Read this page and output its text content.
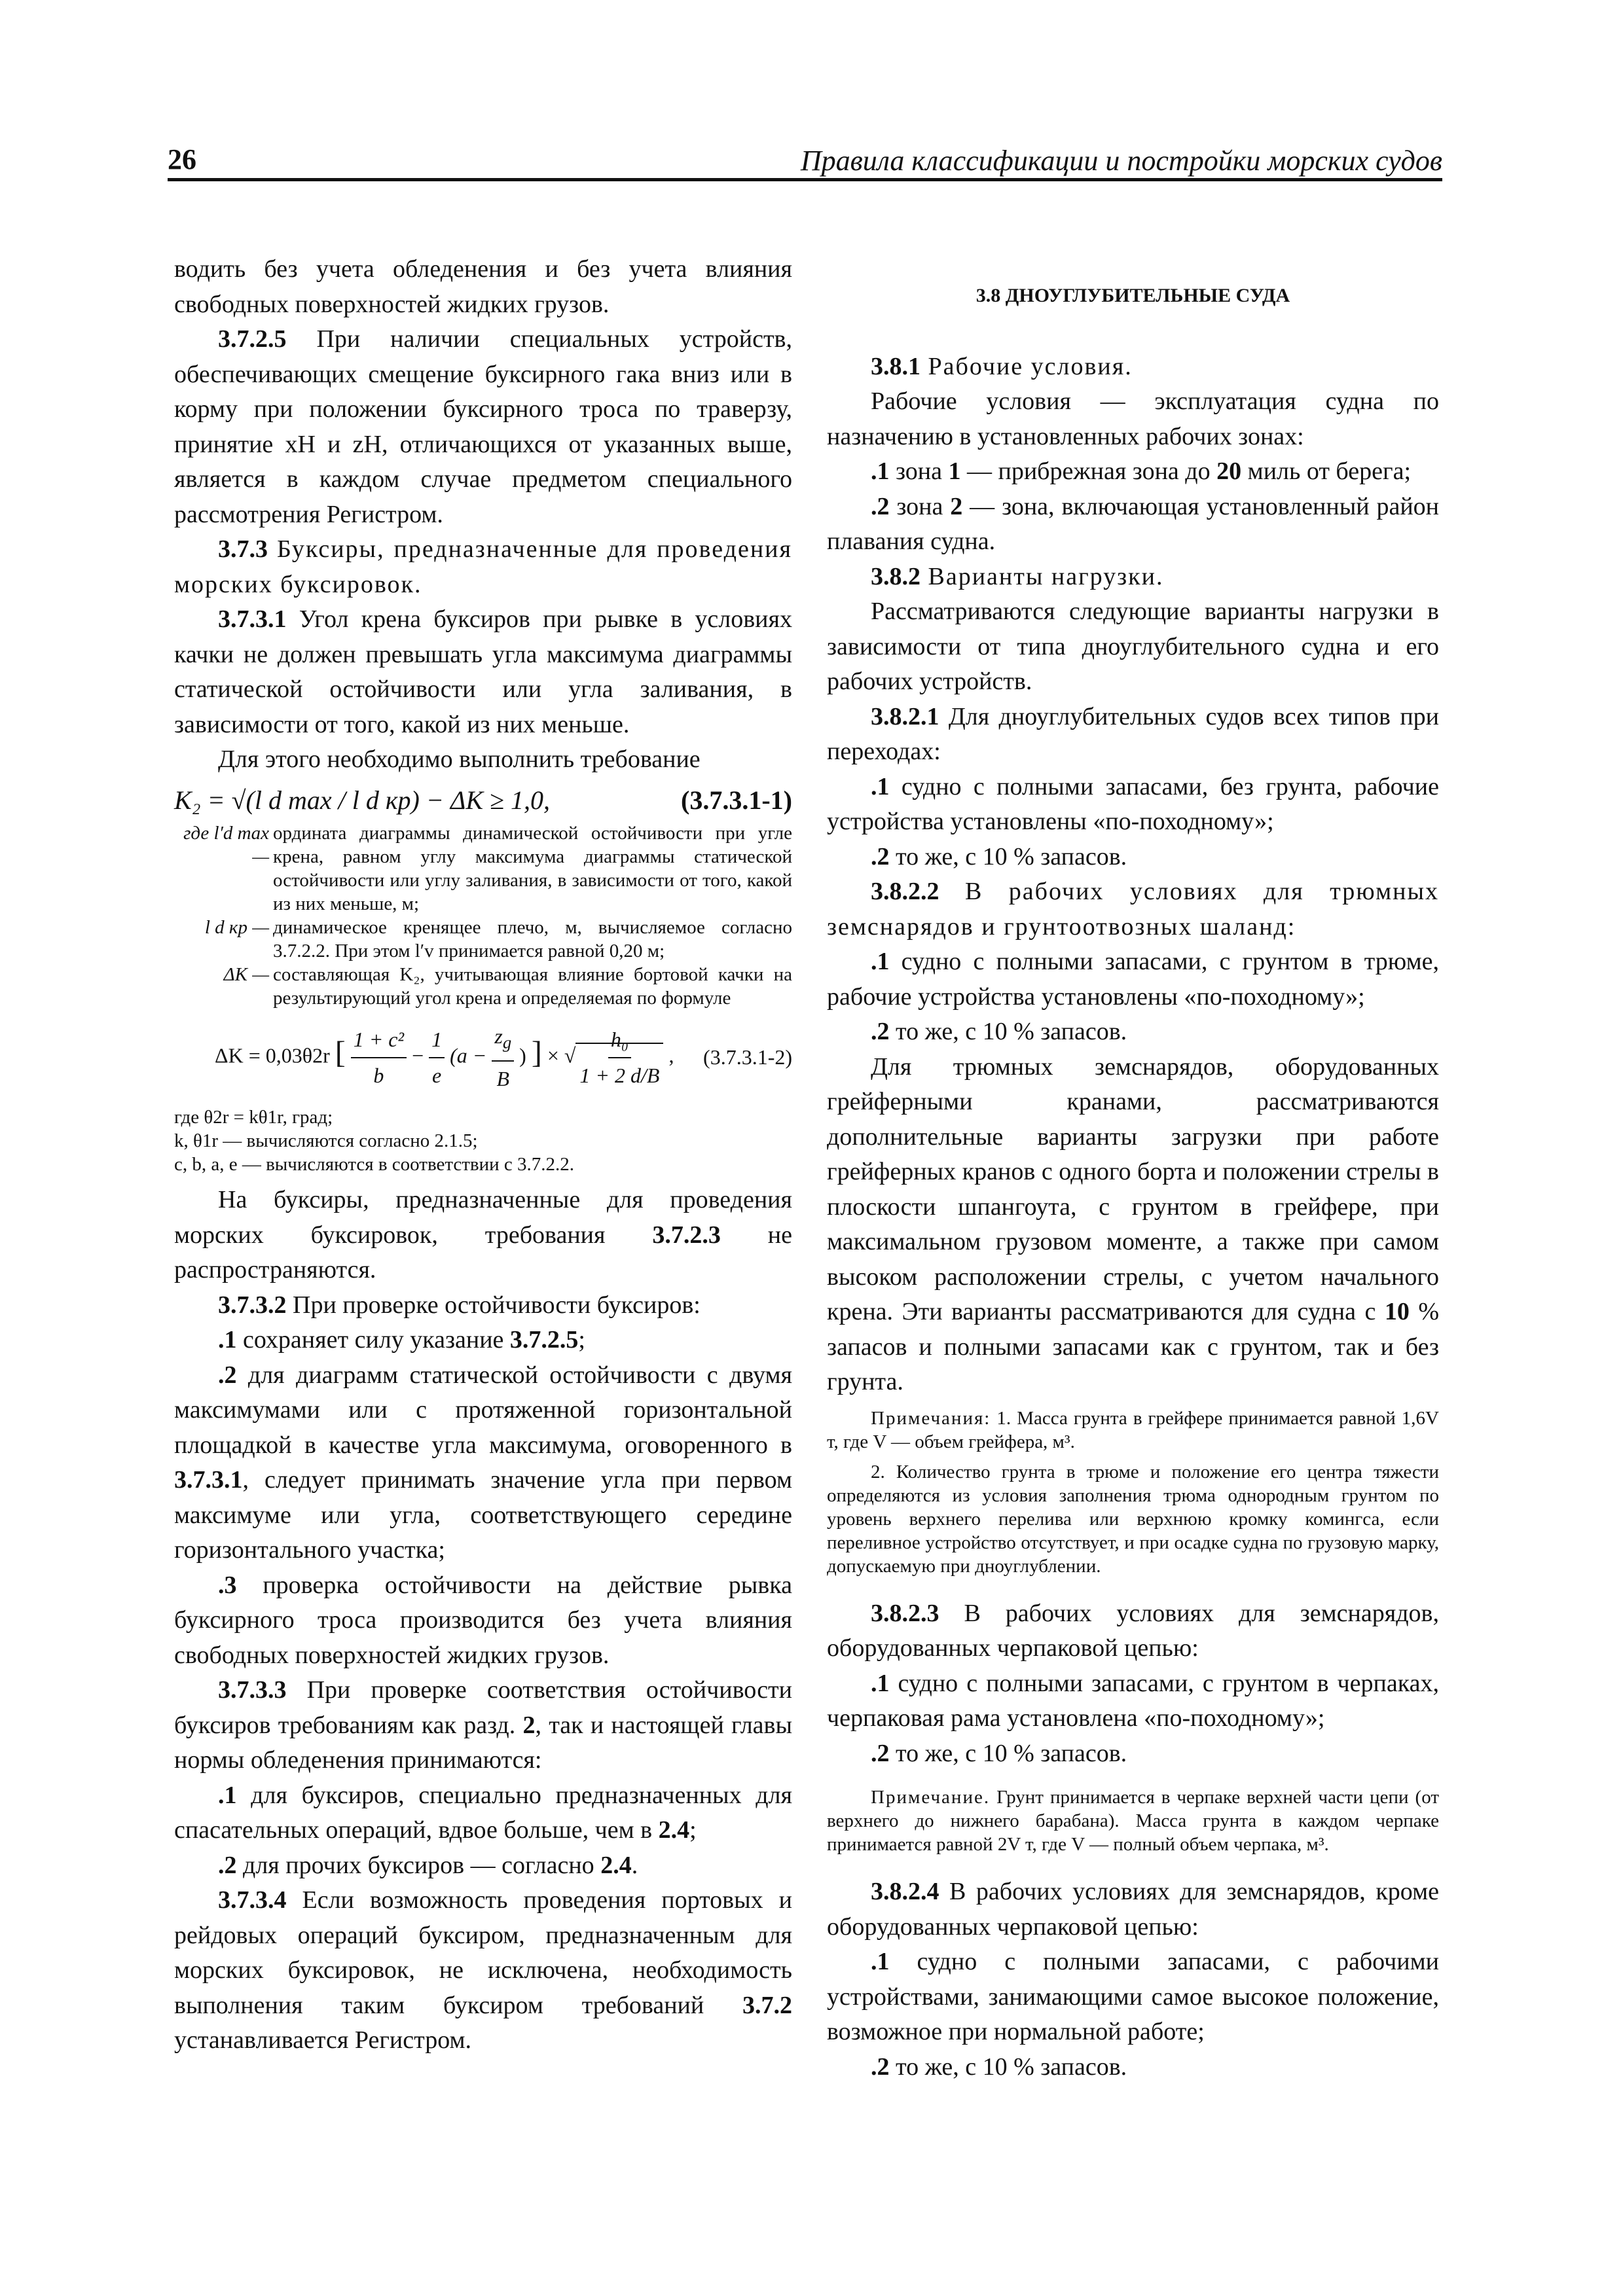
26	Правила классификации и постройки морских судов

водить без учета обледенения и без учета влияния свободных поверхностей жидких грузов.

3.7.2.5 При наличии специальных устройств, обеспечивающих смещение буксирного гака вниз или в корму при положении буксирного троса по траверзу, принятие xH и zH, отличающихся от указанных выше, является в каждом случае предметом специального рассмотрения Регистром.

3.7.3 Буксиры, предназначенные для проведения морских буксировок.

3.7.3.1 Угол крена буксиров при рывке в условиях качки не должен превышать угла максимума диаграммы статической остойчивости или угла заливания, в зависимости от того, какой из них меньше.

Для этого необходимо выполнить требование

K₂ = √(l d max / l d кр) − ΔK ≥ 1,0,	(3.7.3.1-1)
где l′d max —
ордината диаграммы динамической остойчивости при угле крена, равном углу максимума диаграммы статической остойчивости или углу заливания, в зависимости от того, какой из них меньше, м;
l d кр — динамическое кренящее плечо, м, вычисляемое согласно 3.7.2.2. При этом l′v принимается равной 0,20 м;
ΔK — составляющая K₂, учитывающая влияние бортовой качки на результирующий угол крена и определяемая по формуле
ΔK = 0,03θ2r [ $\frac{\text{1 + c²}}{b} - \frac{1}{e} (a - \frac{z_g}{B}$ ) ] × √ $\frac{\text{h₀}}{1 + 2 d/B}$ , (3.7.3.1-2)

где θ2r = kθ1r, град;

k, θ1r — вычисляются согласно 2.1.5;

c, b, a, e — вычисляются в соответствии с 3.7.2.2.

На буксиры, предназначенные для проведения морских буксировок, требования 3.7.2.3 не распространяются.

3.7.3.2 При проверке остойчивости буксиров:

.1 сохраняет силу указание 3.7.2.5;

.2 для диаграмм статической остойчивости с двумя максимумами или с протяженной горизонтальной площадкой в качестве угла максимума, оговоренного в 3.7.3.1, следует принимать значение угла при первом максимуме или угла, соответствующего середине горизонтального участка;

.3 проверка остойчивости на действие рывка буксирного троса производится без учета влияния свободных поверхностей жидких грузов.

3.7.3.3 При проверке соответствия остойчивости буксиров требованиям как разд. 2, так и настоящей главы нормы обледенения принимаются:

.1 для буксиров, специально предназначенных для спасательных операций, вдвое больше, чем в 2.4;

.2 для прочих буксиров — согласно 2.4.

3.7.3.4 Если возможность проведения портовых и рейдовых операций буксиром, предназначенным для морских буксировок, не исключена, необходимость выполнения таким буксиром требований 3.7.2 устанавливается Регистром.

3.8 ДНОУГЛУБИТЕЛЬНЫЕ СУДА

3.8.1 Рабочие условия.

Рабочие условия — эксплуатация судна по назначению в установленных рабочих зонах:

.1 зона 1 — прибрежная зона до 20 миль от берега;

.2 зона 2 — зона, включающая установленный район плавания судна.

3.8.2 Варианты нагрузки.

Рассматриваются следующие варианты нагрузки в зависимости от типа дноуглубительного судна и его рабочих устройств.

3.8.2.1 Для дноуглубительных судов всех типов при переходах:

.1 судно с полными запасами, без грунта, рабочие устройства установлены «по-походному»;

.2 то же, с 10 % запасов.

3.8.2.2 В рабочих условиях для трюмных земснарядов и грунтоотвозных шаланд:

.1 судно с полными запасами, с грунтом в трюме, рабочие устройства установлены «по-походному»;

.2 то же, с 10 % запасов.

Для трюмных земснарядов, оборудованных грейферными кранами, рассматриваются дополнительные варианты загрузки при работе грейферных кранов с одного борта и положении стрелы в плоскости шпангоута, с грунтом в грейфере, при максимальном грузовом моменте, а также при самом высоком расположении стрелы, с учетом начального крена. Эти варианты рассматриваются для судна с 10 % запасов и полными запасами как с грунтом, так и без грунта.

Примечания: 1. Масса грунта в грейфере принимается равной 1,6V т, где V — объем грейфера, м³.

2. Количество грунта в трюме и положение его центра тяжести определяются из условия заполнения трюма однородным грунтом по уровень верхнего перелива или верхнюю кромку комингса, если переливное устройство отсутствует, и при осадке судна по грузовую марку, допускаемую при дноуглублении.

3.8.2.3 В рабочих условиях для земснарядов, оборудованных черпаковой цепью:

.1 судно с полными запасами, с грунтом в черпаках, черпаковая рама установлена «по-походному»;

.2 то же, с 10 % запасов.

Примечание. Грунт принимается в черпаке верхней части цепи (от верхнего до нижнего барабана). Масса грунта в каждом черпаке принимается равной 2V т, где V — полный объем черпака, м³.

3.8.2.4 В рабочих условиях для земснарядов, кроме оборудованных черпаковой цепью:

.1 судно с полными запасами, с рабочими устройствами, занимающими самое высокое положение, возможное при нормальной работе;

.2 то же, с 10 % запасов.
